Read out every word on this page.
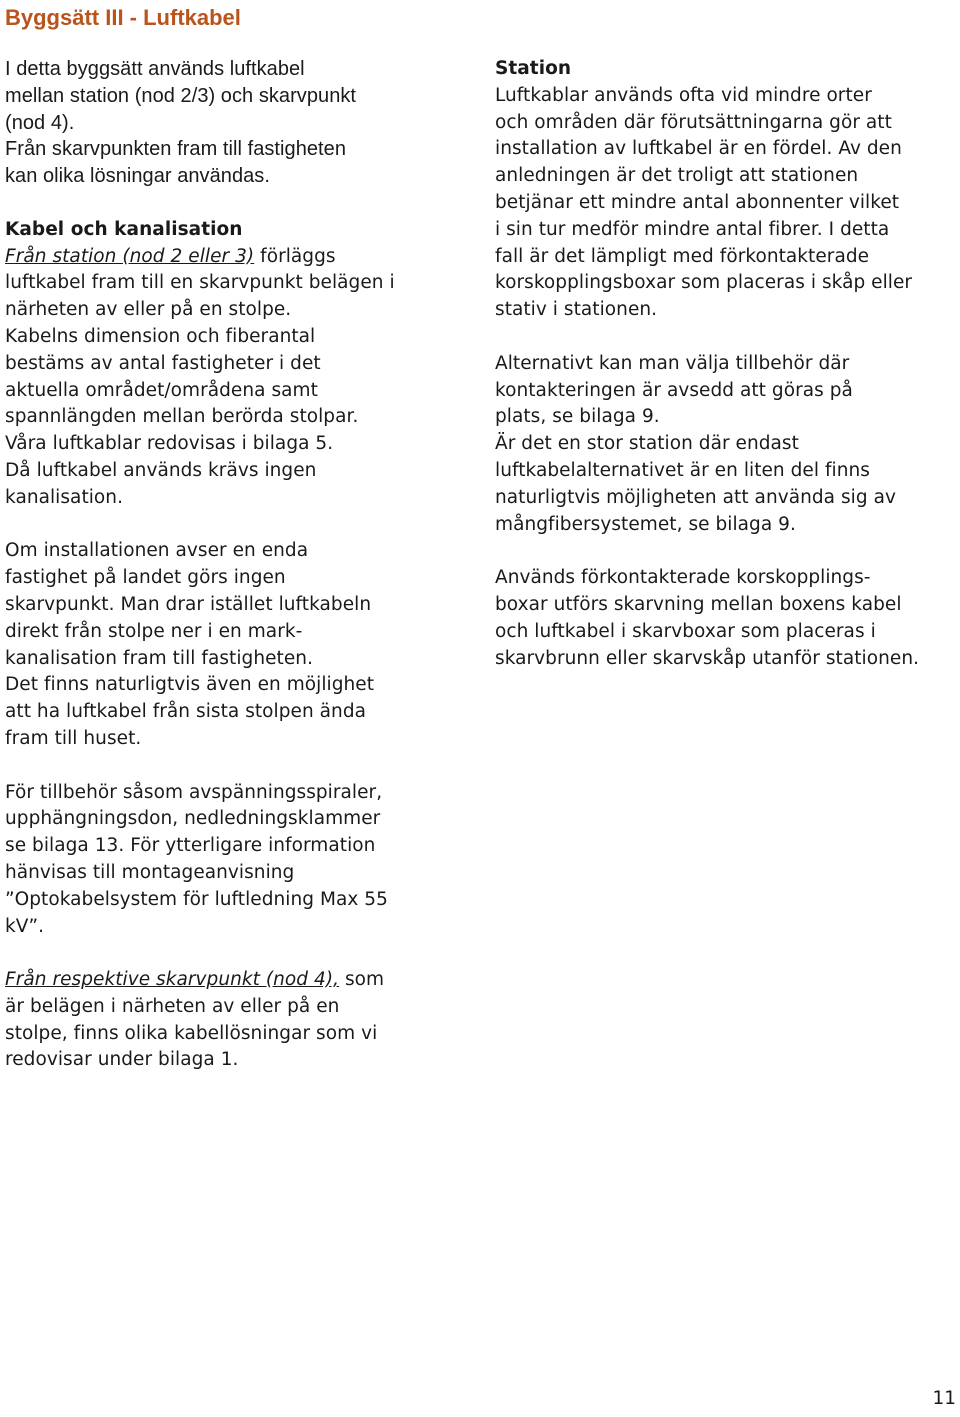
Byggsätt III - Luftkabel

I detta byggsätt används luftkabel
mellan station (nod 2/3) och skarvpunkt
(nod 4).
Från skarvpunkten fram till fastigheten
kan olika lösningar användas.

Kabel och kanalisation
Från station (nod 2 eller 3) förläggs
luftkabel fram till en skarvpunkt belägen i
närheten av eller på en stolpe.
Kabelns dimension och fiberantal
bestäms av antal fastigheter i det
aktuella området/områdena samt
spannlängden mellan berörda stolpar.
Våra luftkablar redovisas i bilaga 5.
Då luftkabel används krävs ingen
kanalisation.

Om installationen avser en enda
fastighet på landet görs ingen
skarvpunkt. Man drar istället luftkabeln
direkt från stolpe ner i en mark-
kanalisation fram till fastigheten.
Det finns naturligtvis även en möjlighet
att ha luftkabel från sista stolpen ända
fram till huset.

För tillbehör såsom avspänningsspiraler,
upphängningsdon, nedledningsklammer
se bilaga 13. För ytterligare information
hänvisas till montageanvisning
”Optokabelsystem för luftledning Max 55
kV”.

Från respektive skarvpunkt (nod 4), som
är belägen i närheten av eller på en
stolpe, finns olika kabellösningar som vi
redovisar under bilaga 1.

Station
Luftkablar används ofta vid mindre orter
och områden där förutsättningarna gör att
installation av luftkabel är en fördel. Av den
anledningen är det troligt att stationen
betjänar ett mindre antal abonnenter vilket
i sin tur medför mindre antal fibrer. I detta
fall är det lämpligt med förkontakterade
korskopplingsboxar som placeras i skåp eller
stativ i stationen.

Alternativt kan man välja tillbehör där
kontakteringen är avsedd att göras på
plats, se bilaga 9.
Är det en stor station där endast
luftkabelalternativet är en liten del finns
naturligtvis möjligheten att använda sig av
mångfibersystemet, se bilaga 9.

Används förkontakterade korskopplings-
boxar utförs skarvning mellan boxens kabel
och luftkabel i skarvboxar som placeras i
skarvbrunn eller skarvskåp utanför stationen.

11
